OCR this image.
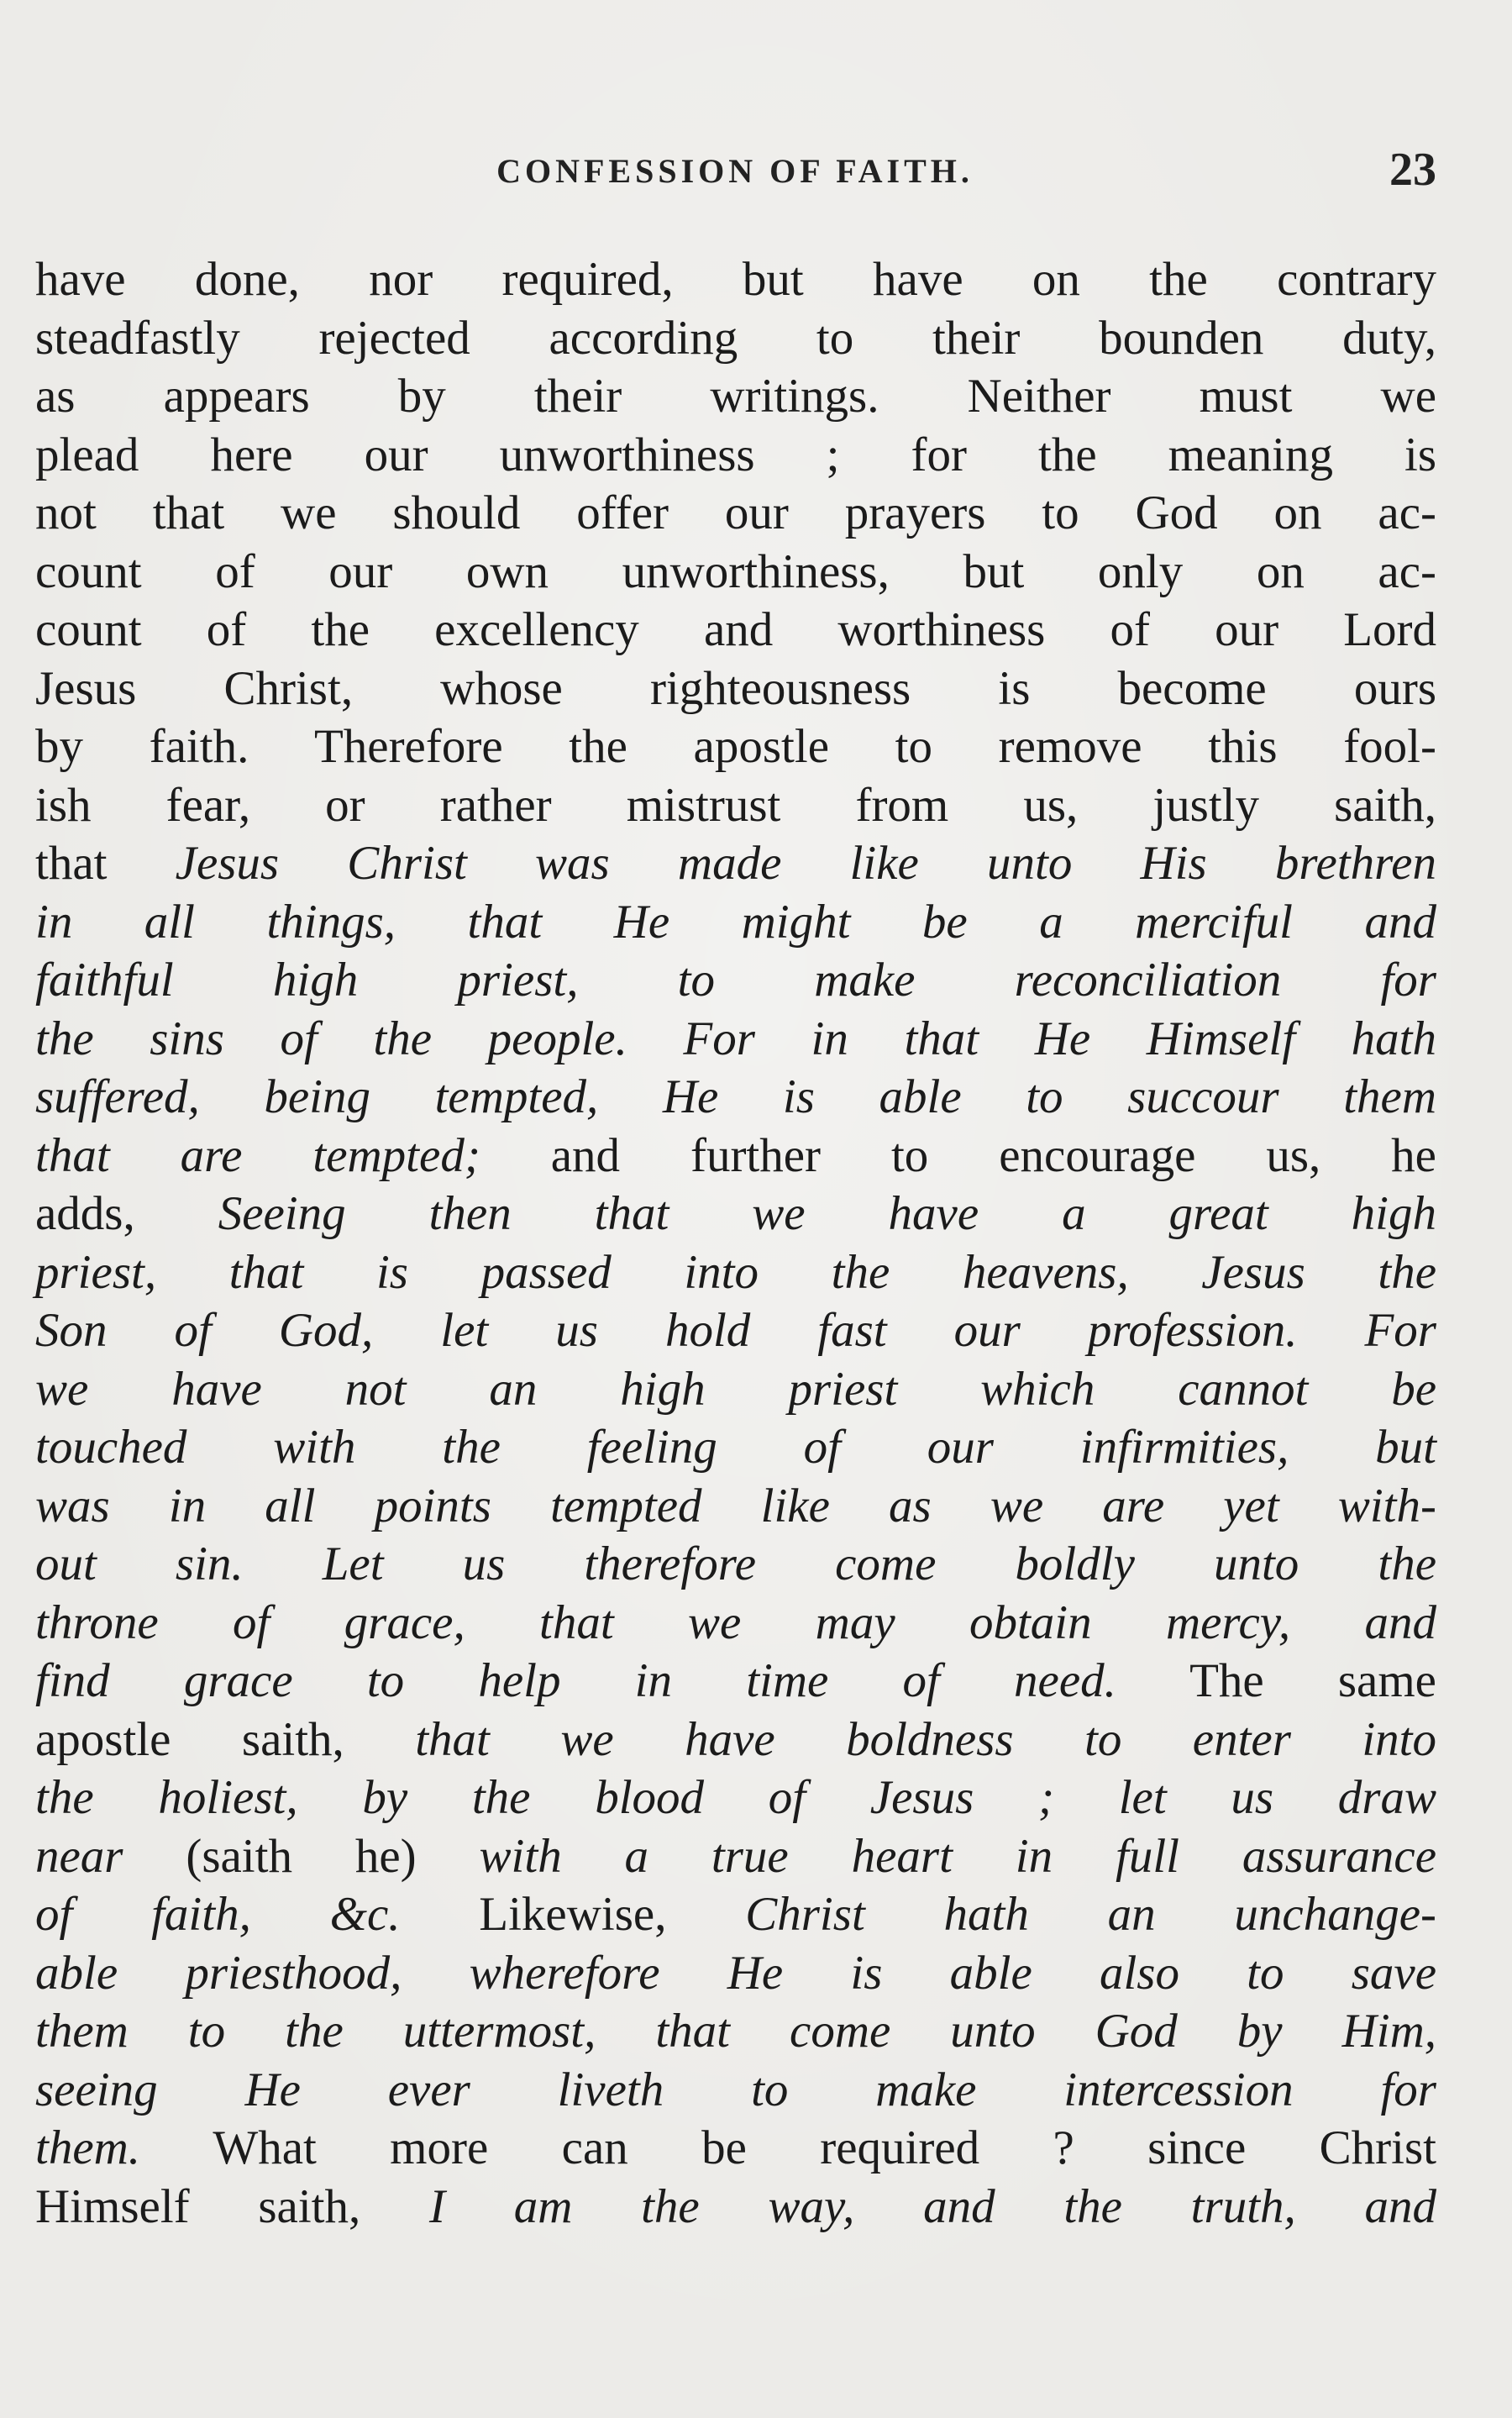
CONFESSION OF FAITH.	23
have done, nor required, but have on the contrary
steadfastly rejected according to their bounden duty,
as appears by their writings. Neither must we
plead here our unworthiness ; for the meaning is
not that we should offer our prayers to God on ac-
count of our own unworthiness, but only on ac-
count of the excellency and worthiness of our Lord
Jesus Christ, whose righteousness is become ours
by faith. Therefore the apostle to remove this fool-
ish fear, or rather mistrust from us, justly saith,
that Jesus Christ was made like unto His brethren
in all things, that He might be a merciful and
faithful high priest, to make reconciliation for
the sins of the people. For in that He Himself hath
suffered, being tempted, He is able to succour them
that are tempted; and further to encourage us, he
adds, Seeing then that we have a great high
priest, that is passed into the heavens, Jesus the
Son of God, let us hold fast our profession. For
we have not an high priest which cannot be
touched with the feeling of our infirmities, but
was in all points tempted like as we are yet with-
out sin. Let us therefore come boldly unto the
throne of grace, that we may obtain mercy, and
find grace to help in time of need. The same
apostle saith, that we have boldness to enter into
the holiest, by the blood of Jesus ; let us draw
near (saith he) with a true heart in full assurance
of faith, &c. Likewise, Christ hath an unchange-
able priesthood, wherefore He is able also to save
them to the uttermost, that come unto God by Him,
seeing He ever liveth to make intercession for
them. What more can be required ? since Christ
Himself saith, I am the way, and the truth, and
